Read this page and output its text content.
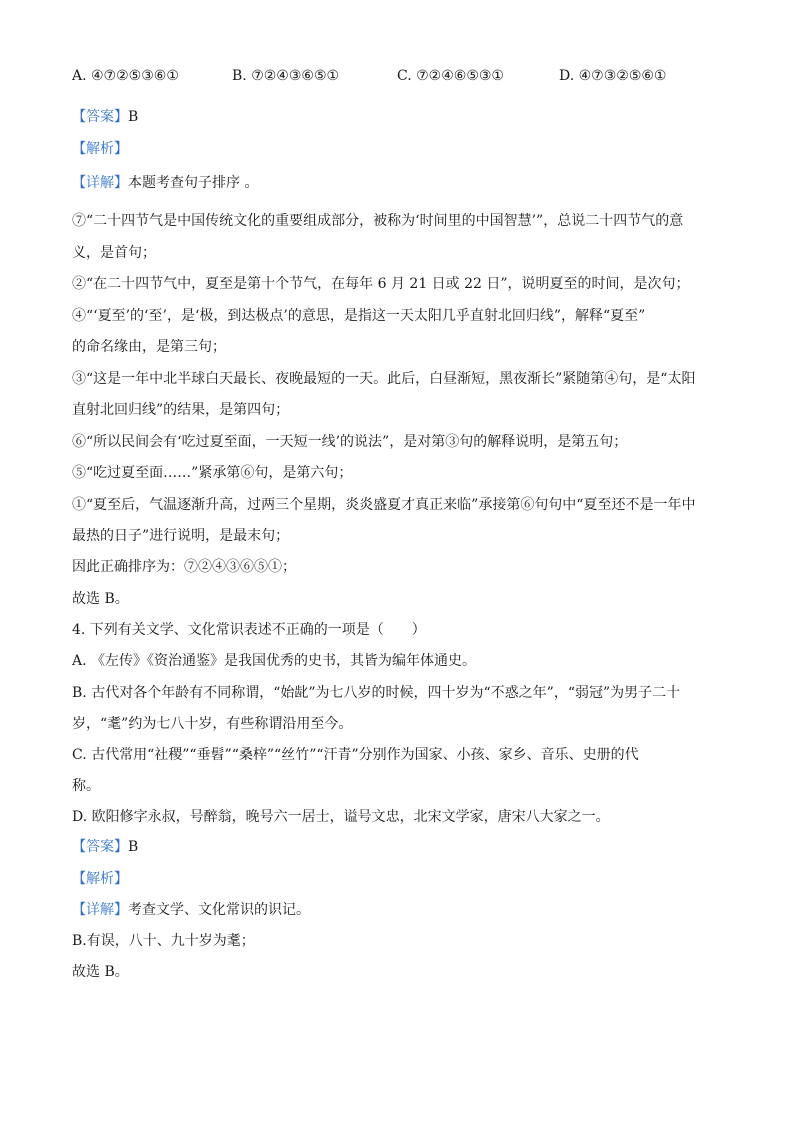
A. ④⑦②⑤③⑥①	B. ⑦②④③⑥⑤①	C. ⑦②④⑥⑤③①	D. ④⑦③②⑤⑥①
【答案】B
【解析】
【详解】本题考查句子排序 。
⑦“二十四节气是中国传统文化的重要组成部分，被称为‘时间里的中国智慧’”，总说二十四节气的意
义，是首句；
②“在二十四节气中，夏至是第十个节气，在每年 6 月 21 日或 22 日”，说明夏至的时间，是次句；
④“‘夏至’的‘至’，是‘极，到达极点’的意思，是指这一天太阳几乎直射北回归线”，解释“夏至”
的命名缘由，是第三句；
③“这是一年中北半球白天最长、夜晚最短的一天。此后，白昼渐短，黑夜渐长”紧随第④句，是“太阳
直射北回归线”的结果，是第四句；
⑥“所以民间会有‘吃过夏至面，一天短一线’的说法”，是对第③句的解释说明，是第五句；
⑤“吃过夏至面……”紧承第⑥句，是第六句；
①“夏至后，气温逐渐升高，过两三个星期，炎炎盛夏才真正来临”承接第⑥句句中“夏至还不是一年中
最热的日子”进行说明，是最末句；
因此正确排序为：⑦②④③⑥⑤①；
故选 B。
4. 下列有关文学、文化常识表述不正确的一项是（　　）
A. 《左传》《资治通鉴》是我国优秀的史书，其皆为编年体通史。
B. 古代对各个年龄有不同称谓，“始龀”为七八岁的时候，四十岁为“不惑之年”，“弱冠”为男子二十
岁，“耄”约为七八十岁，有些称谓沿用至今。
C. 古代常用“社稷”“垂髫”“桑梓”“丝竹”“汗青”分别作为国家、小孩、家乡、音乐、史册的代
称。
D. 欧阳修字永叔，号醉翁，晚号六一居士，谥号文忠，北宋文学家，唐宋八大家之一。
【答案】B
【解析】
【详解】考查文学、文化常识的识记。
B.有误，八十、九十岁为耄；
故选 B。
